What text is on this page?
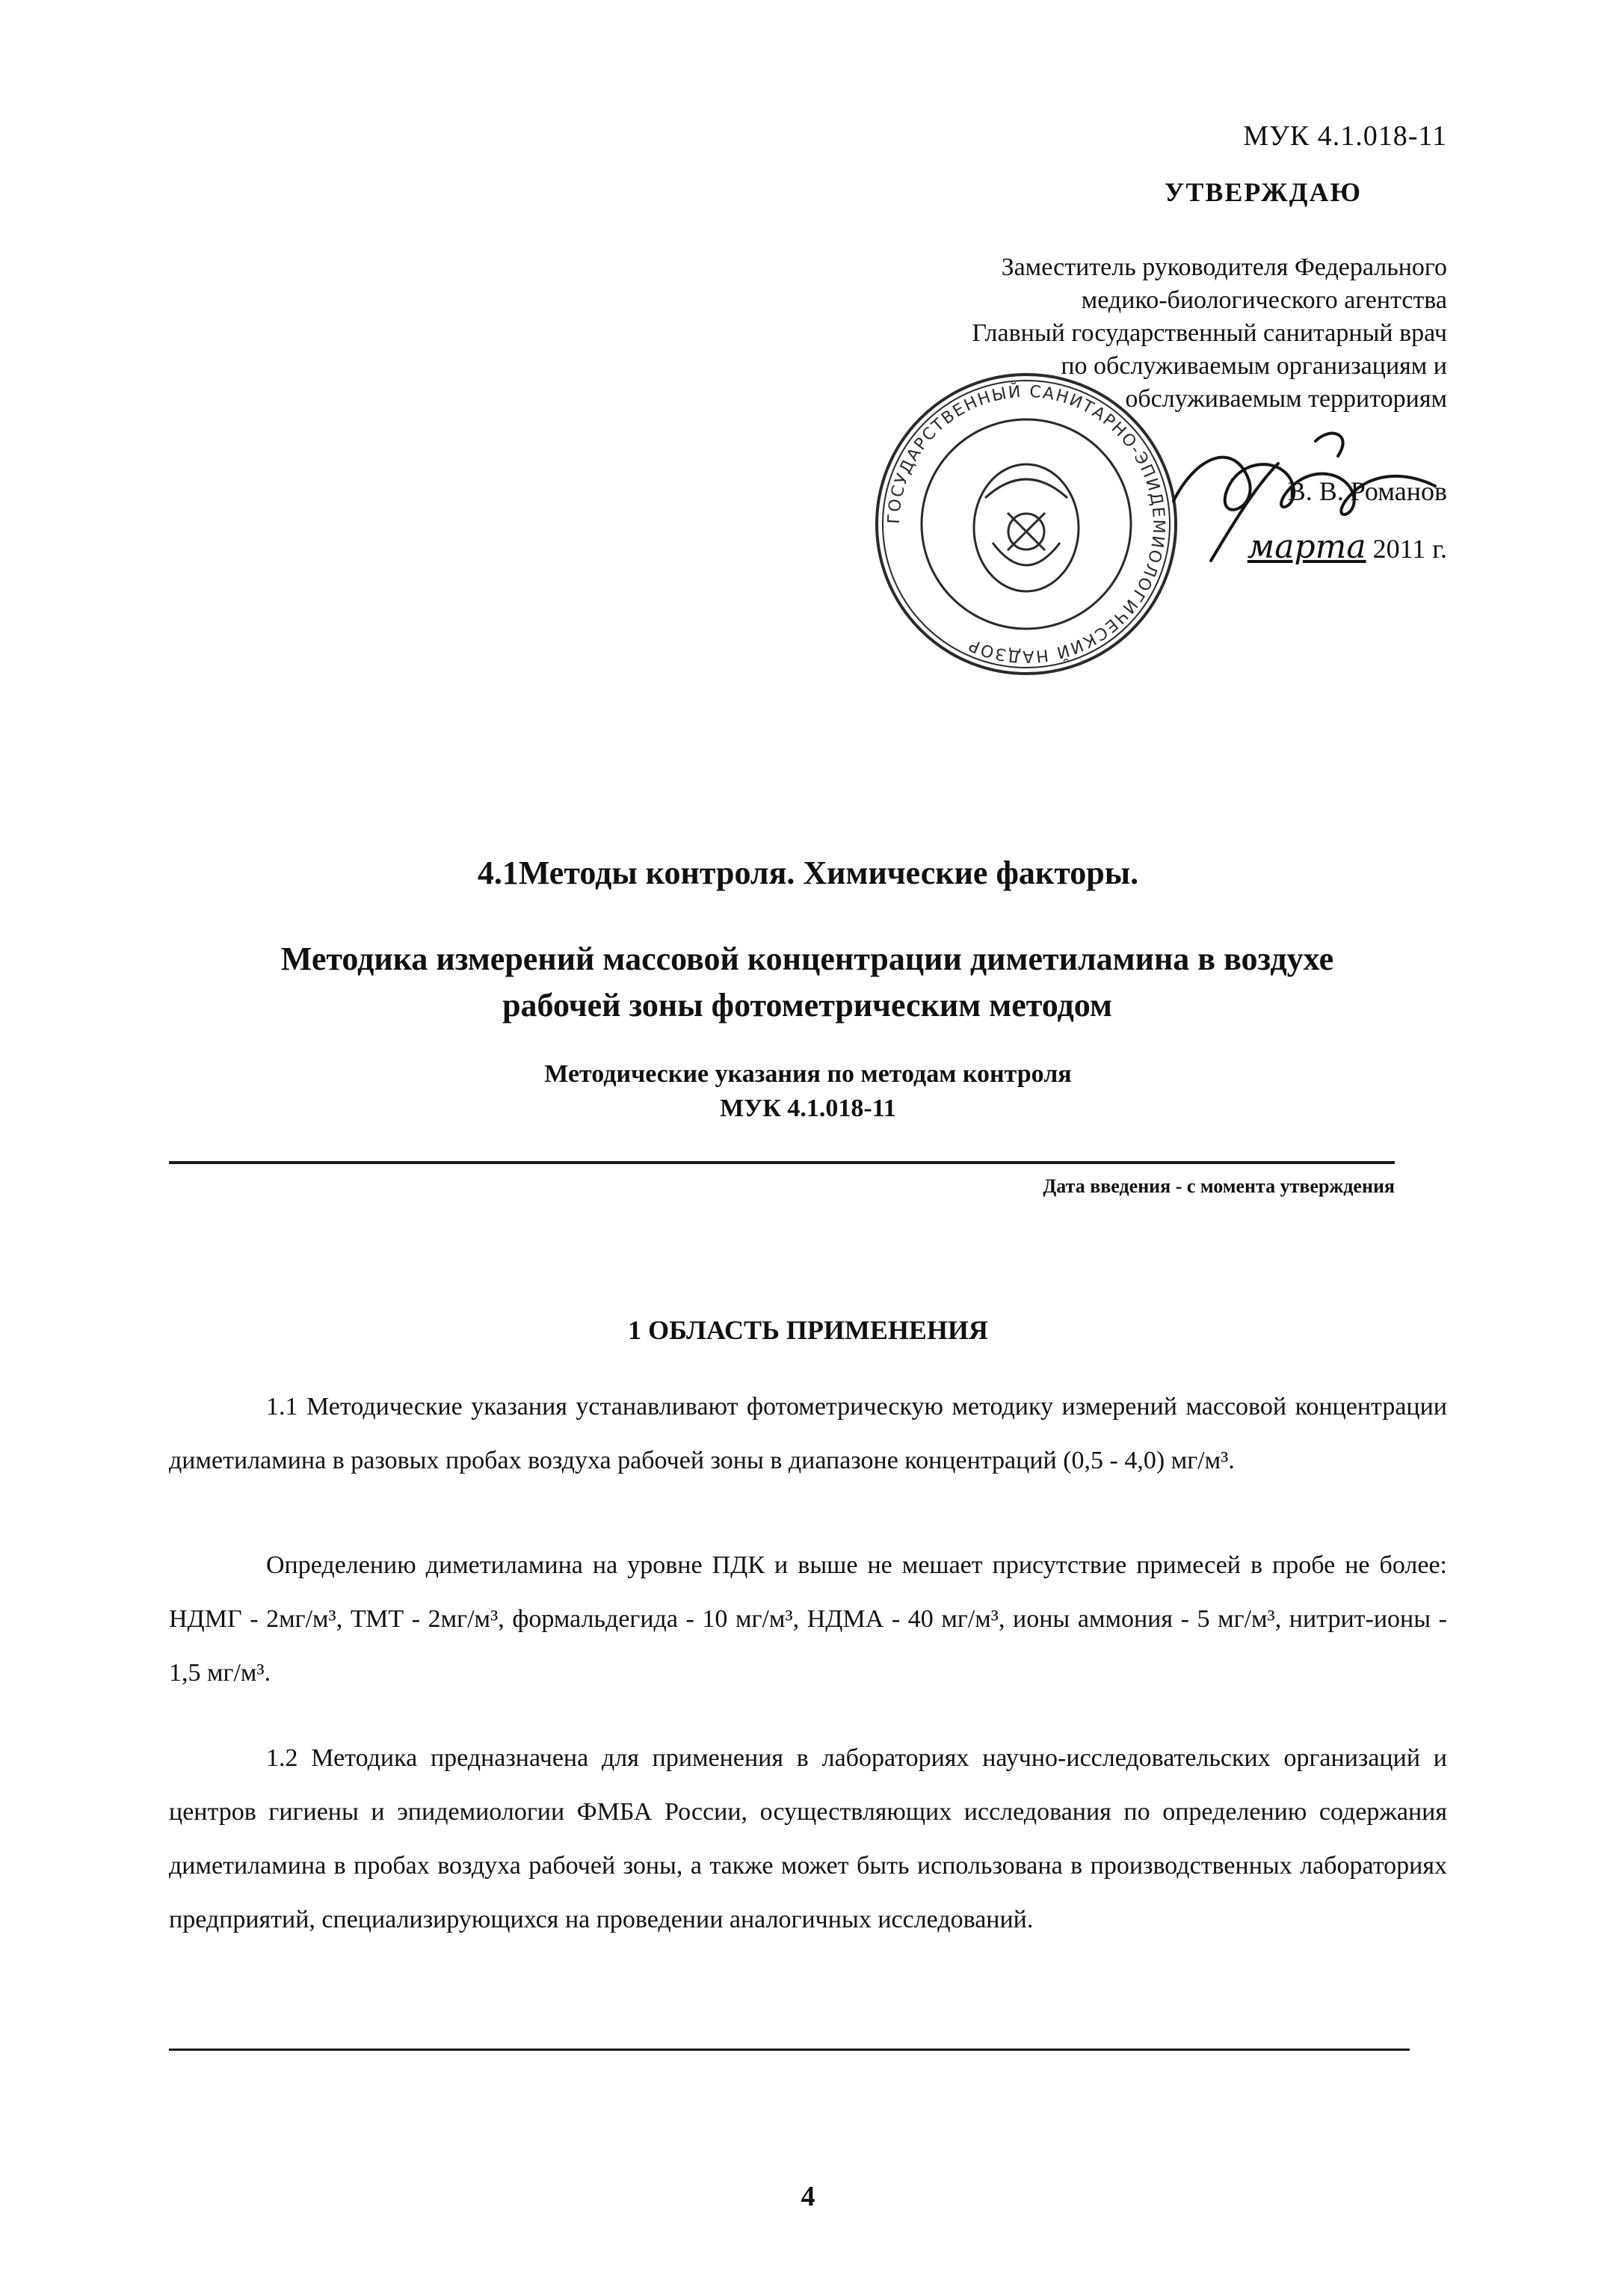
МУК 4.1.018-11
УТВЕРЖДАЮ
Заместитель руководителя Федерального
медико-биологического агентства
Главный государственный санитарный врач
по обслуживаемым организациям и
обслуживаемым территориям
В. В. Романов
марта 2011 г.
ГОСУДАРСТВЕННЫЙ САНИТАРНО-ЭПИДЕМИОЛОГИЧЕСКИЙ НАДЗОР
4.1Методы контроля. Химические факторы.
Методика измерений массовой концентрации диметиламина в воздухе
рабочей зоны фотометрическим методом
Методические указания по методам контроля
МУК 4.1.018-11
Дата введения - с момента утверждения
1 ОБЛАСТЬ ПРИМЕНЕНИЯ

1.1 Методические указания устанавливают фотометрическую методику измерений массовой концентрации диметиламина в разовых пробах воздуха рабочей зоны в диапазоне концентраций (0,5 - 4,0) мг/м³.

Определению диметиламина на уровне ПДК и выше не мешает присутствие примесей в пробе не более: НДМГ - 2мг/м³, ТМТ - 2мг/м³, формальдегида - 10 мг/м³, НДМА - 40 мг/м³, ионы аммония - 5 мг/м³, нитрит-ионы - 1,5 мг/м³.

1.2 Методика предназначена для применения в лабораториях научно-исследовательских организаций и центров гигиены и эпидемиологии ФМБА России, осуществляющих исследования по определению содержания диметиламина в пробах воздуха рабочей зоны, а также может быть использована в производственных лабораториях предприятий, специализирующихся на проведении аналогичных исследований.

4
